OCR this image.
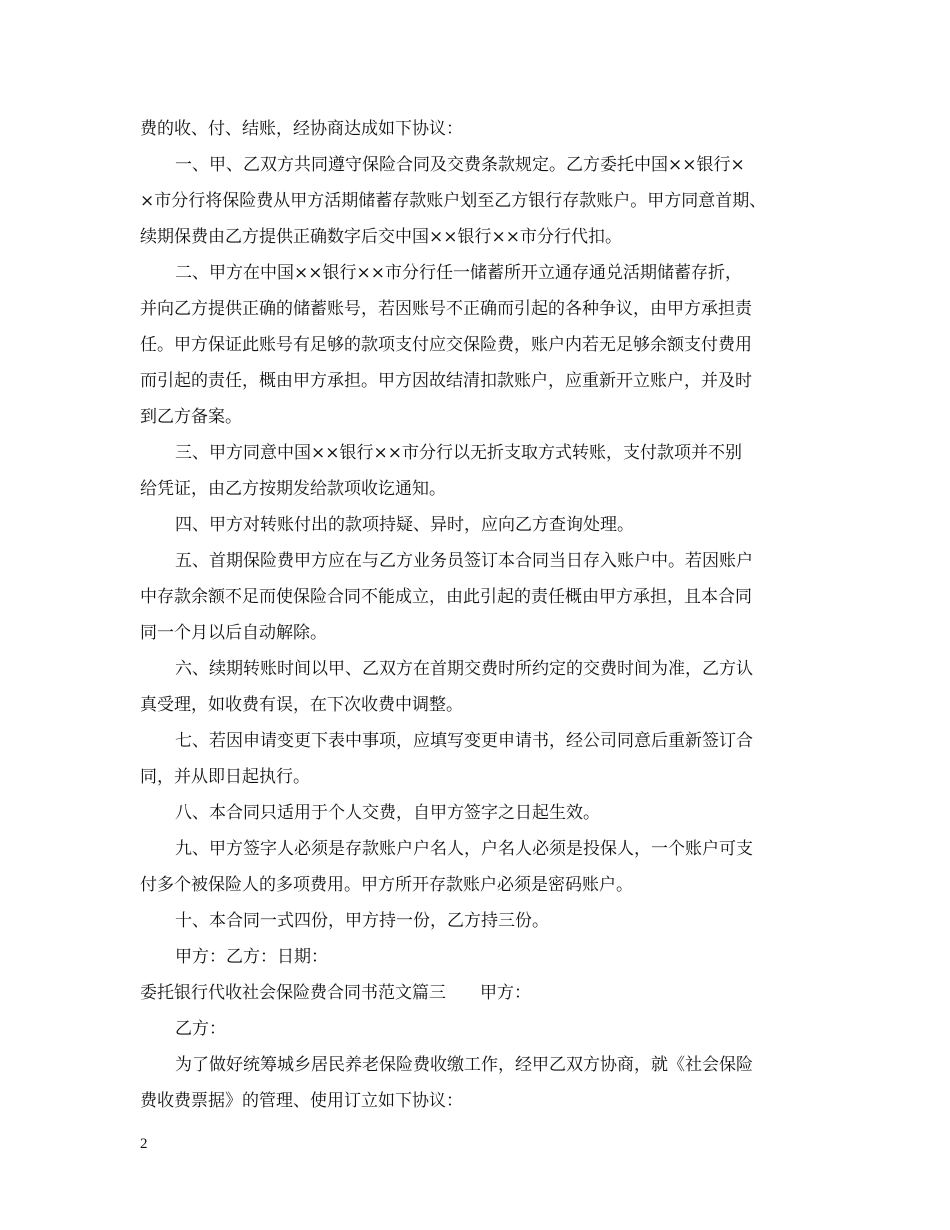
费的收、付、结账，经协商达成如下协议：
一、甲、乙双方共同遵守保险合同及交费条款规定。乙方委托中国××银行×
×市分行将保险费从甲方活期储蓄存款账户划至乙方银行存款账户。甲方同意首期、
续期保费由乙方提供正确数字后交中国××银行××市分行代扣。
二、甲方在中国××银行××市分行任一储蓄所开立通存通兑活期储蓄存折，
并向乙方提供正确的储蓄账号，若因账号不正确而引起的各种争议，由甲方承担责
任。甲方保证此账号有足够的款项支付应交保险费，账户内若无足够余额支付费用
而引起的责任，概由甲方承担。甲方因故结清扣款账户，应重新开立账户，并及时
到乙方备案。
三、甲方同意中国××银行××市分行以无折支取方式转账，支付款项并不别
给凭证，由乙方按期发给款项收讫通知。
四、甲方对转账付出的款项持疑、异时，应向乙方查询处理。
五、首期保险费甲方应在与乙方业务员签订本合同当日存入账户中。若因账户
中存款余额不足而使保险合同不能成立，由此引起的责任概由甲方承担，且本合同
同一个月以后自动解除。
六、续期转账时间以甲、乙双方在首期交费时所约定的交费时间为准，乙方认
真受理，如收费有误，在下次收费中调整。
七、若因申请变更下表中事项，应填写变更申请书，经公司同意后重新签订合
同，并从即日起执行。
八、本合同只适用于个人交费，自甲方签字之日起生效。
九、甲方签字人必须是存款账户户名人，户名人必须是投保人，一个账户可支
付多个被保险人的多项费用。甲方所开存款账户必须是密码账户。
十、本合同一式四份，甲方持一份，乙方持三份。
甲方：乙方：日期：
委托银行代收社会保险费合同书范文篇三 甲方：
乙方：
为了做好统筹城乡居民养老保险费收缴工作，经甲乙双方协商，就《社会保险
费收费票据》的管理、使用订立如下协议：
2
